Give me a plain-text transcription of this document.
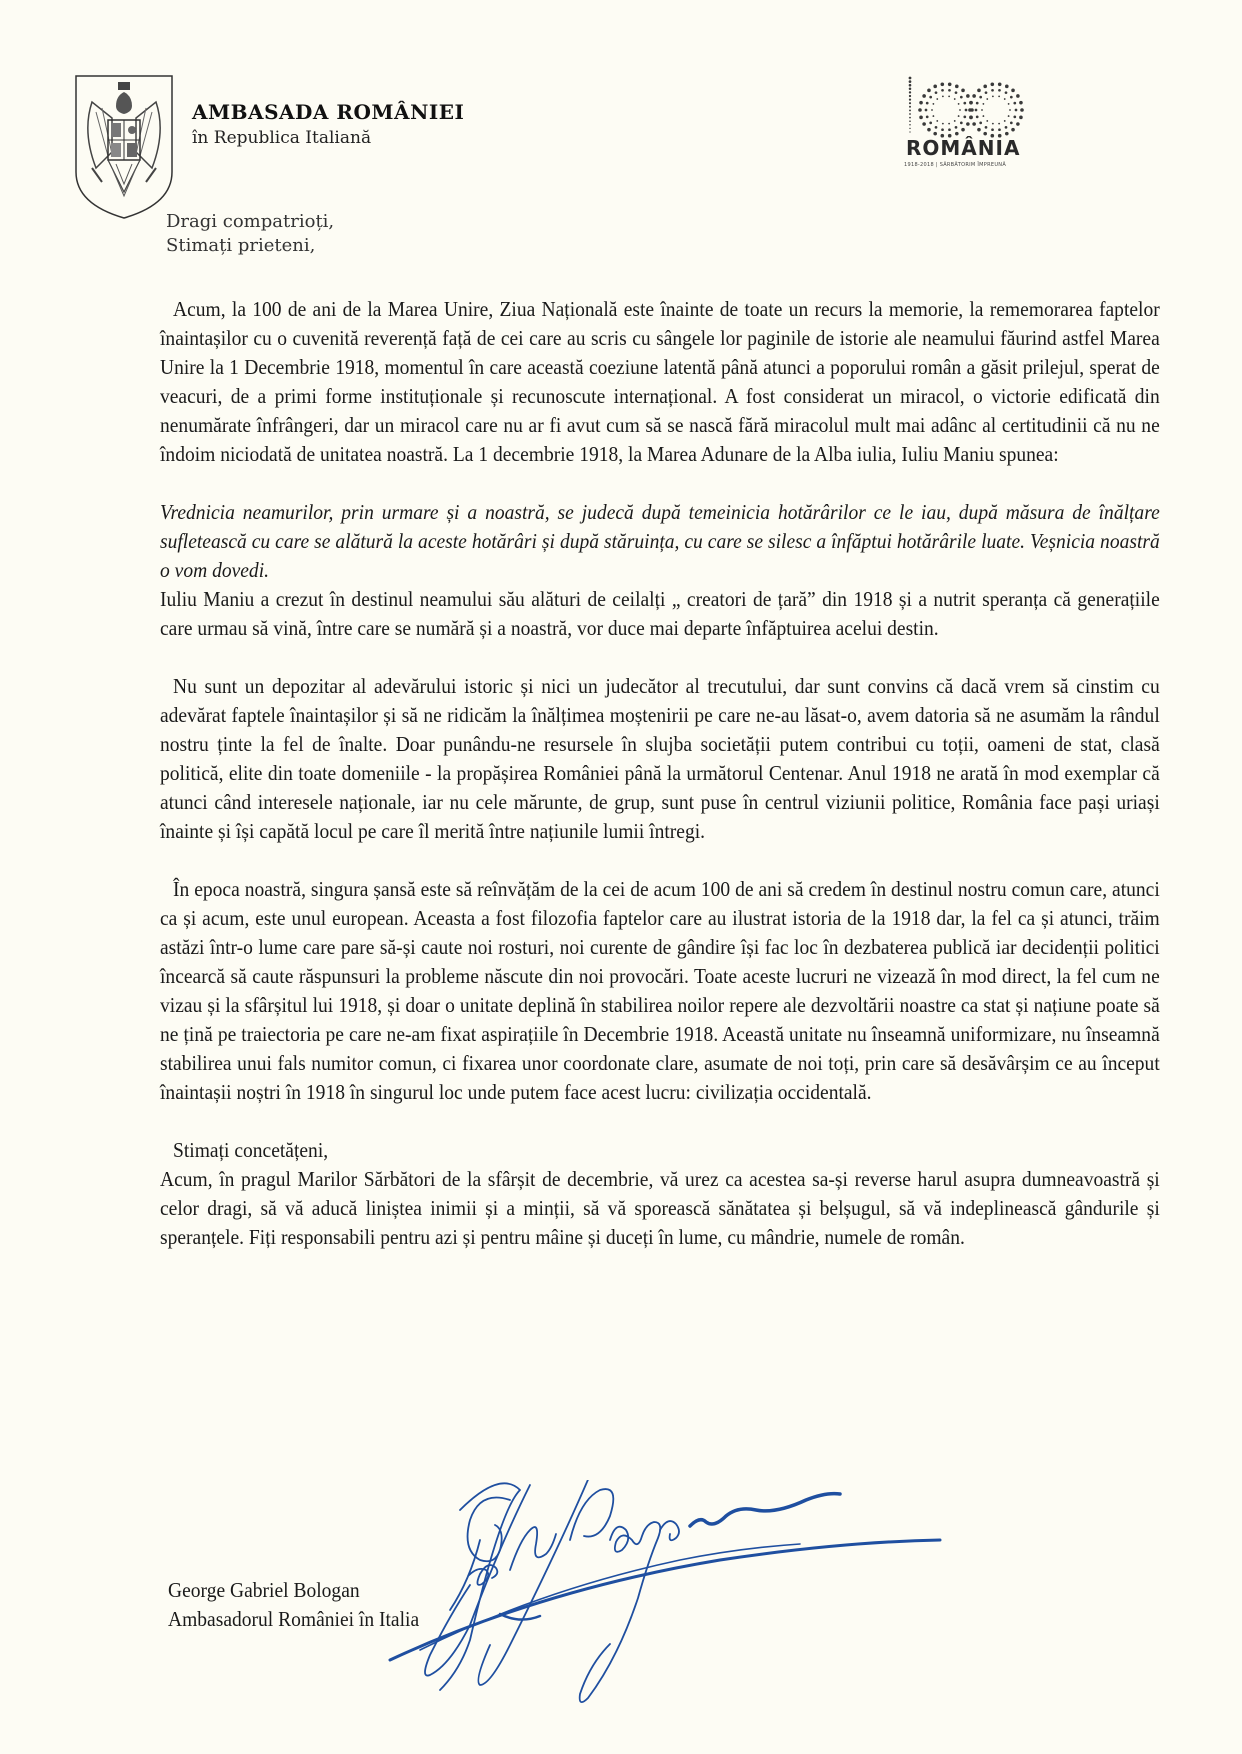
AMBASADA ROMÂNIEI
în Republica Italiană	ROMÂNIA
1918-2018 | SĂRBĂTORIM ÎMPREUNĂ
Dragi compatrioți,
Stimați prieteni,

Acum, la 100 de ani de la Marea Unire, Ziua Națională este înainte de toate un recurs la memorie, la rememorarea faptelor înaintașilor cu o cuvenită reverență față de cei care au scris cu sângele lor paginile de istorie ale neamului făurind astfel Marea Unire la 1 Decembrie 1918, momentul în care această coeziune latentă până atunci a poporului român a găsit prilejul, sperat de veacuri, de a primi forme instituționale și recunoscute internațional. A fost considerat un miracol, o victorie edificată din nenumărate înfrângeri, dar un miracol care nu ar fi avut cum să se nască fără miracolul mult mai adânc al certitudinii că nu ne îndoim niciodată de unitatea noastră. La 1 decembrie 1918, la Marea Adunare de la Alba iulia, Iuliu Maniu spunea:

Vrednicia neamurilor, prin urmare și a noastră, se judecă după temeinicia hotărârilor ce le iau, după măsura de înălțare sufletească cu care se alătură la aceste hotărâri și după stăruința, cu care se silesc a înfăptui hotărârile luate. Veșnicia noastră o vom dovedi.

Iuliu Maniu a crezut în destinul neamului său alături de ceilalți „ creatori de țară” din 1918 și a nutrit speranța că generațiile care urmau să vină, între care se numără și a noastră, vor duce mai departe înfăptuirea acelui destin.

Nu sunt un depozitar al adevărului istoric și nici un judecător al trecutului, dar sunt convins că dacă vrem să cinstim cu adevărat faptele înaintașilor și să ne ridicăm la înălțimea moștenirii pe care ne-au lăsat-o, avem datoria să ne asumăm la rândul nostru ținte la fel de înalte. Doar punându-ne resursele în slujba societății putem contribui cu toții, oameni de stat, clasă politică, elite din toate domeniile - la propășirea României până la următorul Centenar. Anul 1918 ne arată în mod exemplar că atunci când interesele naționale, iar nu cele mărunte, de grup, sunt puse în centrul viziunii politice, România face pași uriași înainte și își capătă locul pe care îl merită între națiunile lumii întregi.

În epoca noastră, singura șansă este să reînvățăm de la cei de acum 100 de ani să credem în destinul nostru comun care, atunci ca și acum, este unul european. Aceasta a fost filozofia faptelor care au ilustrat istoria de la 1918 dar, la fel ca și atunci, trăim astăzi într-o lume care pare să-și caute noi rosturi, noi curente de gândire își fac loc în dezbaterea publică iar decidenții politici încearcă să caute răspunsuri la probleme născute din noi provocări. Toate aceste lucruri ne vizează în mod direct, la fel cum ne vizau și la sfârșitul lui 1918, și doar o unitate deplină în stabilirea noilor repere ale dezvoltării noastre ca stat și națiune poate să ne țină pe traiectoria pe care ne-am fixat aspirațiile în Decembrie 1918. Această unitate nu înseamnă uniformizare, nu înseamnă stabilirea unui fals numitor comun, ci fixarea unor coordonate clare, asumate de noi toți, prin care să desăvârșim ce au început înaintașii noștri în 1918 în singurul loc unde putem face acest lucru: civilizația occidentală.

Stimați concetățeni,

Acum, în pragul Marilor Sărbători de la sfârșit de decembrie, vă urez ca acestea sa-și reverse harul asupra dumneavoastră și celor dragi, să vă aducă liniștea inimii și a minții, să vă sporească sănătatea și belșugul, să vă indeplinească gândurile și speranțele. Fiți responsabili pentru azi și pentru mâine și duceți în lume, cu mândrie, numele de român.

George Gabriel Bologan
Ambasadorul României în Italia
